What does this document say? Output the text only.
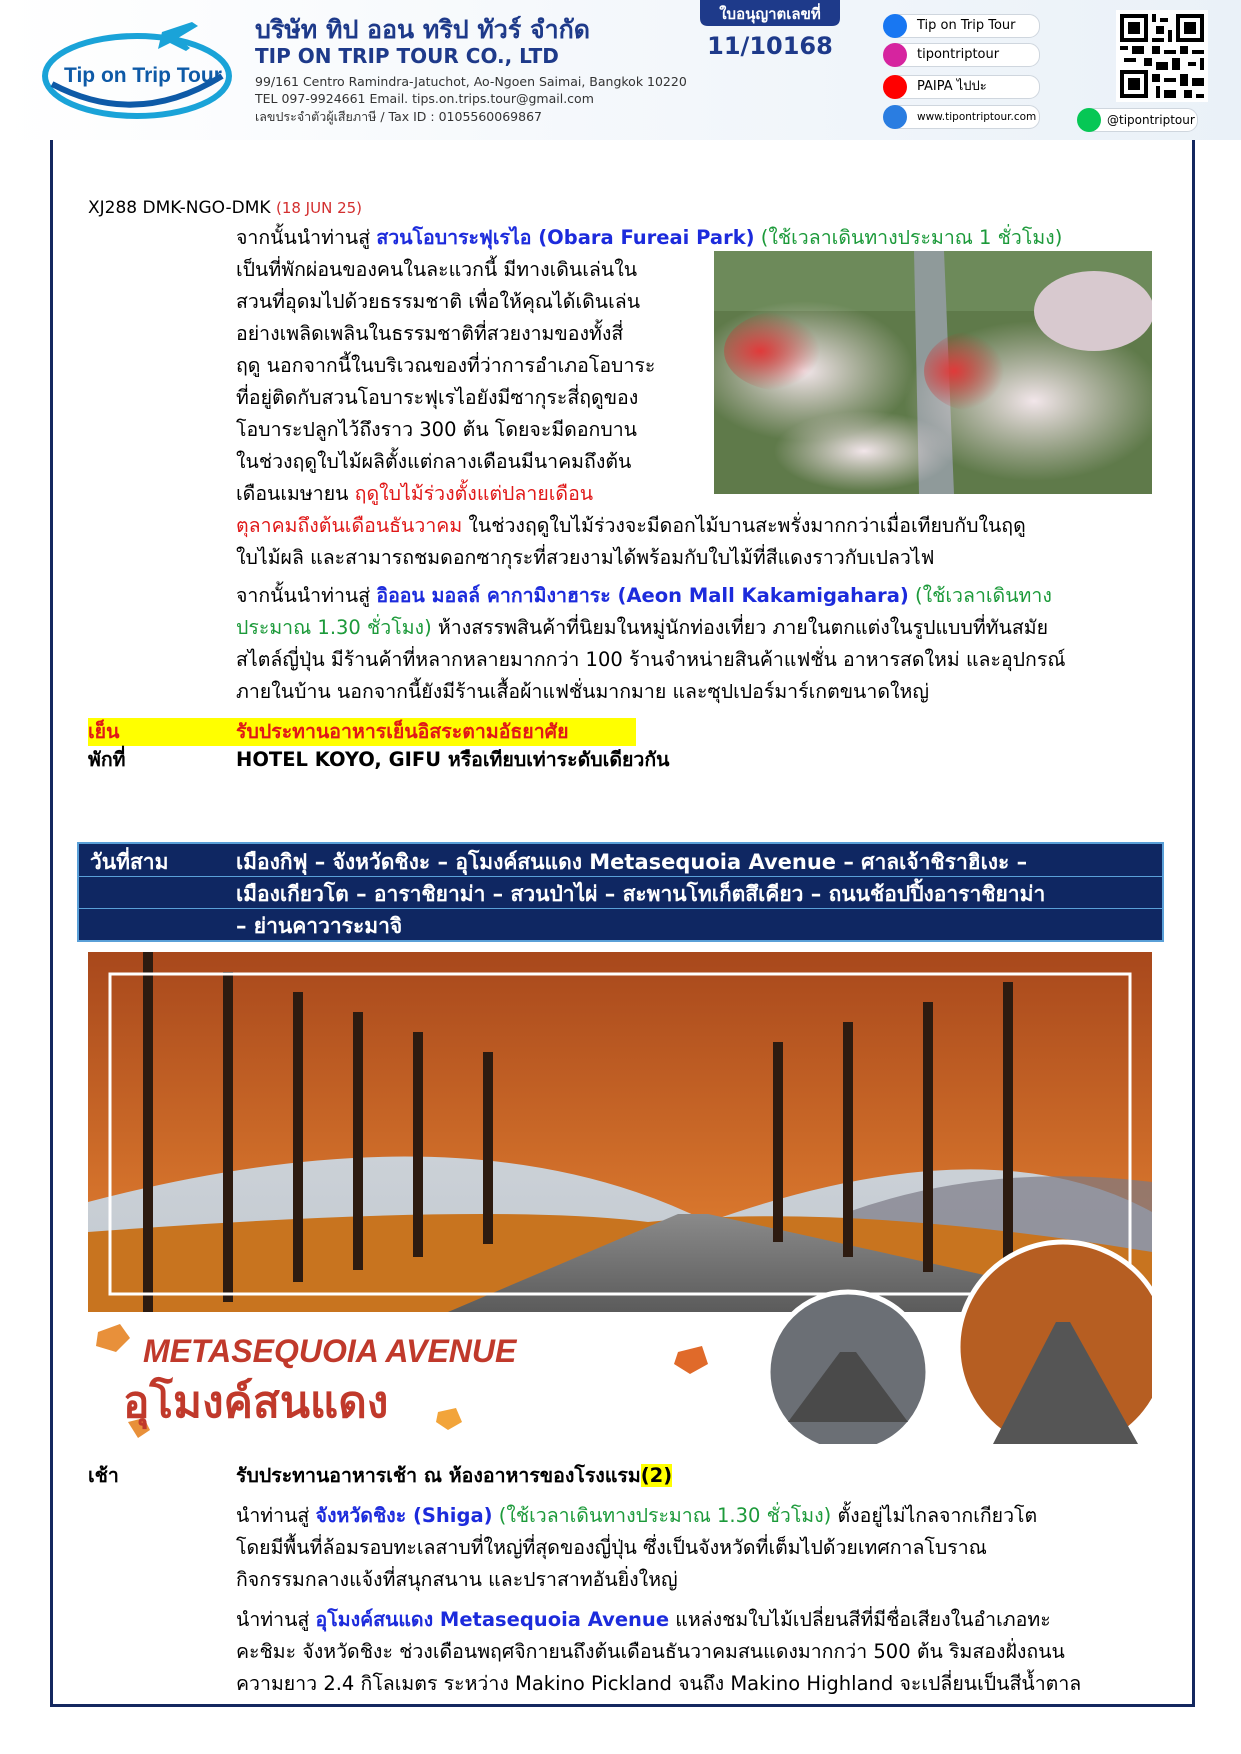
Tip on Trip Tour
บริษัท ทิป ออน ทริป ทัวร์ จำกัด
TIP ON TRIP TOUR CO., LTD
99/161 Centro Ramindra-Jatuchot, Ao-Ngoen Saimai, Bangkok 10220
TEL 097-9924661 Email. tips.on.trips.tour@gmail.com
เลขประจำตัวผู้เสียภาษี / Tax ID : 0105560069867
ใบอนุญาตเลขที่
11/10168
Tip on Trip Tour
tipontriptour
PAIPA ไปปะ
www.tipontriptour.com	@tipontriptour
XJ288 DMK-NGO-DMK (18 JUN 25)
จากนั้นนำท่านสู่ สวนโอบาระฟุเรไอ (Obara Fureai Park) (ใช้เวลาเดินทางประมาณ 1 ชั่วโมง)
เป็นที่พักผ่อนของคนในละแวกนี้ มีทางเดินเล่นใน
สวนที่อุดมไปด้วยธรรมชาติ เพื่อให้คุณได้เดินเล่น
อย่างเพลิดเพลินในธรรมชาติที่สวยงามของทั้งสี่
ฤดู นอกจากนี้ในบริเวณของที่ว่าการอำเภอโอบาระ
ที่อยู่ติดกับสวนโอบาระฟุเรไอยังมีซากุระสี่ฤดูของ
โอบาระปลูกไว้ถึงราว 300 ต้น โดยจะมีดอกบาน
ในช่วงฤดูใบไม้ผลิตั้งแต่กลางเดือนมีนาคมถึงต้น
เดือนเมษายน ฤดูใบไม้ร่วงตั้งแต่ปลายเดือน
ตุลาคมถึงต้นเดือนธันวาคม ในช่วงฤดูใบไม้ร่วงจะมีดอกไม้บานสะพรั่งมากกว่าเมื่อเทียบกับในฤดู
ใบไม้ผลิ และสามารถชมดอกซากุระที่สวยงามได้พร้อมกับใบไม้ที่สีแดงราวกับเปลวไฟ
จากนั้นนำท่านสู่ อิออน มอลล์ คากามิงาฮาระ (Aeon Mall Kakamigahara) (ใช้เวลาเดินทาง
ประมาณ 1.30 ชั่วโมง) ห้างสรรพสินค้าที่นิยมในหมู่นักท่องเที่ยว ภายในตกแต่งในรูปแบบที่ทันสมัย
สไตล์ญี่ปุ่น มีร้านค้าที่หลากหลายมากกว่า 100 ร้านจำหน่ายสินค้าแฟชั่น อาหารสดใหม่ และอุปกรณ์
ภายในบ้าน นอกจากนี้ยังมีร้านเสื้อผ้าแฟชั่นมากมาย และซุปเปอร์มาร์เกตขนาดใหญ่
เย็น	รับประทานอาหารเย็นอิสระตามอัธยาศัย
พักที่	HOTEL KOYO, GIFU หรือเทียบเท่าระดับเดียวกัน
วันที่สาม	เมืองกิฟุ – จังหวัดชิงะ – อุโมงค์สนแดง Metasequoia Avenue – ศาลเจ้าชิราฮิเงะ –
เมืองเกียวโต – อาราชิยาม่า – สวนป่าไผ่ – สะพานโทเก็ตสึเคียว – ถนนช้อปปิ้งอาราชิยาม่า
– ย่านคาวาระมาจิ
METASEQUOIA AVENUE
อุโมงค์สนแดง
เช้า	รับประทานอาหารเช้า ณ ห้องอาหารของโรงแรม(2)
นำท่านสู่ จังหวัดชิงะ (Shiga) (ใช้เวลาเดินทางประมาณ 1.30 ชั่วโมง) ตั้งอยู่ไม่ไกลจากเกียวโต
โดยมีพื้นที่ล้อมรอบทะเลสาบที่ใหญ่ที่สุดของญี่ปุ่น ซึ่งเป็นจังหวัดที่เต็มไปด้วยเทศกาลโบราณ
กิจกรรมกลางแจ้งที่สนุกสนาน และปราสาทอันยิ่งใหญ่
นำท่านสู่ อุโมงค์สนแดง Metasequoia Avenue แหล่งชมใบไม้เปลี่ยนสีที่มีชื่อเสียงในอำเภอทะ
คะชิมะ จังหวัดชิงะ ช่วงเดือนพฤศจิกายนถึงต้นเดือนธันวาคมสนแดงมากกว่า 500 ต้น ริมสองฝั่งถนน
ความยาว 2.4 กิโลเมตร ระหว่าง Makino Pickland จนถึง Makino Highland จะเปลี่ยนเป็นสีน้ำตาล
